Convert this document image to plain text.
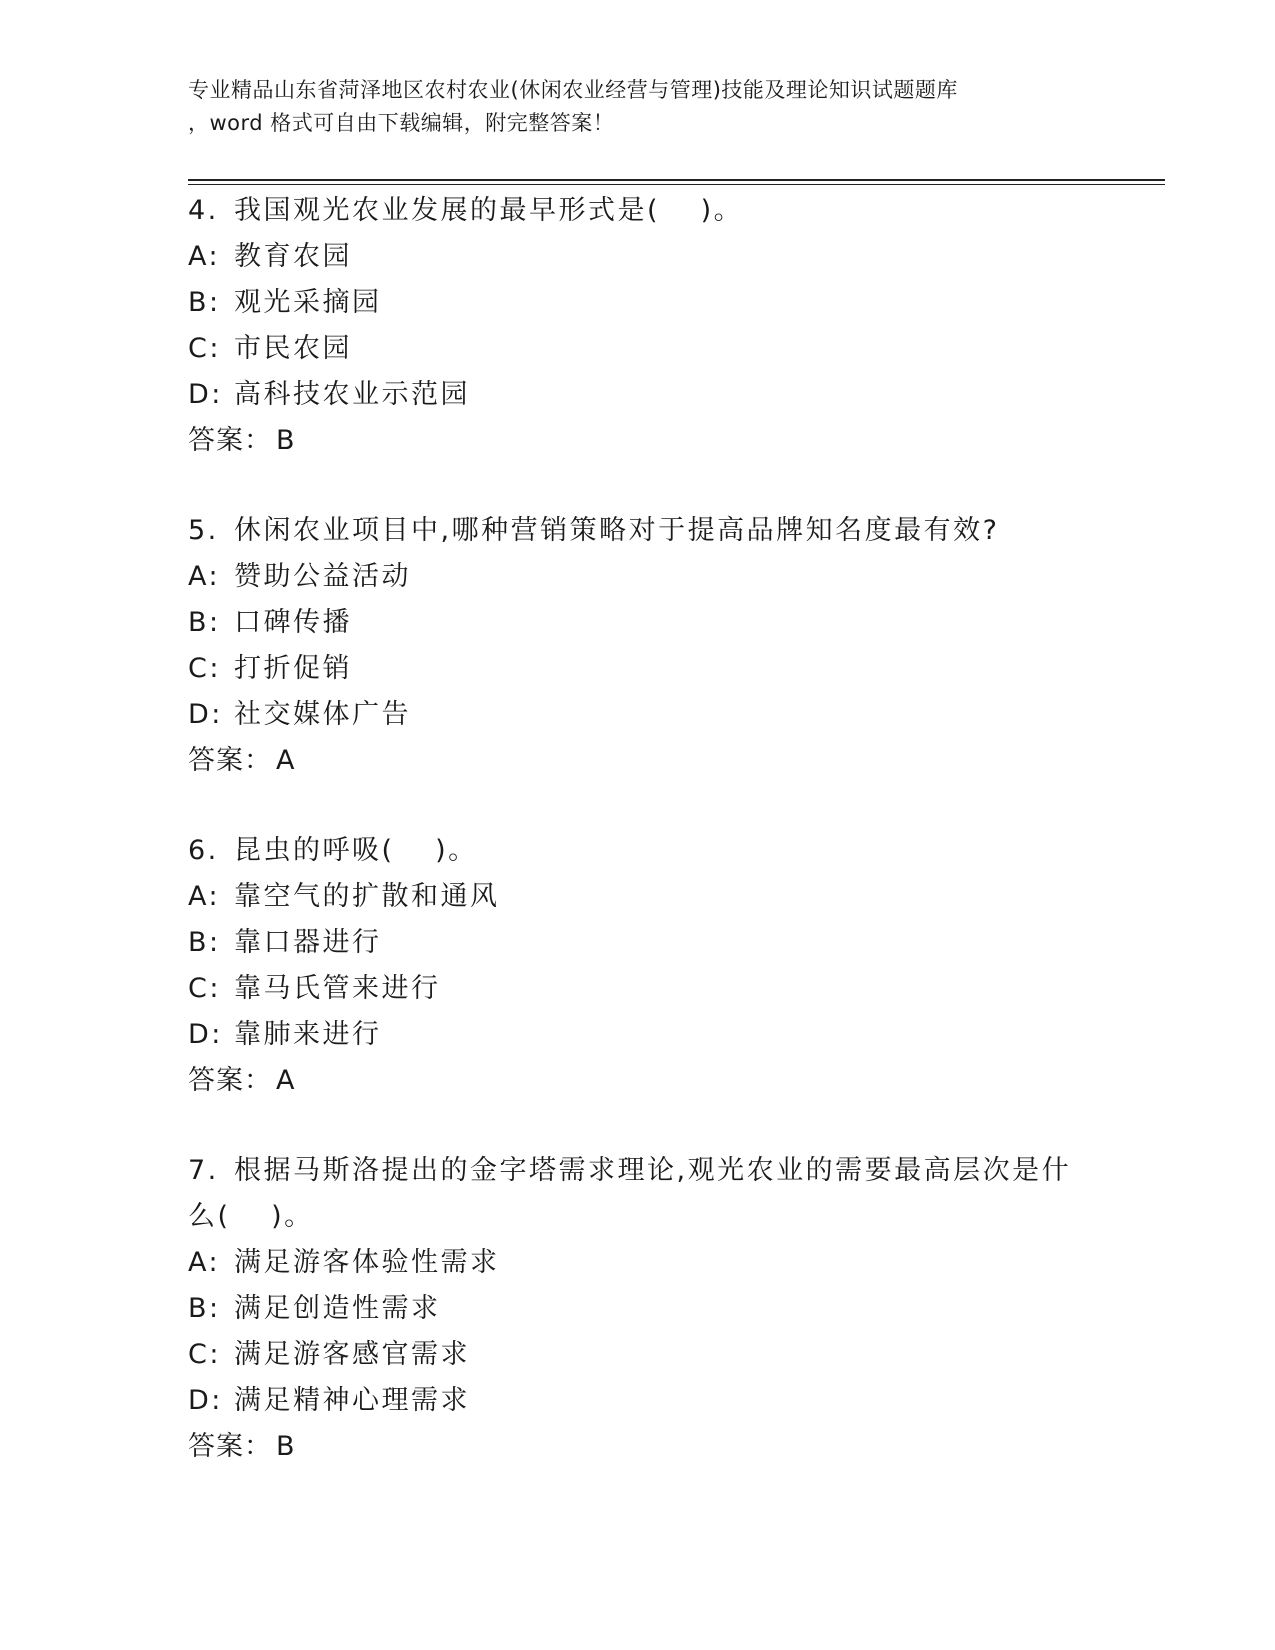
专业精品山东省菏泽地区农村农业(休闲农业经营与管理)技能及理论知识试题题库
，word 格式可自由下载编辑，附完整答案！
4. 我国观光农业发展的最早形式是(　 )。
A: 教育农园
B: 观光采摘园
C: 市民农园
D: 高科技农业示范园
答案： B
5. 休闲农业项目中,哪种营销策略对于提高品牌知名度最有效?
A: 赞助公益活动
B: 口碑传播
C: 打折促销
D: 社交媒体广告
答案： A
6. 昆虫的呼吸(　 )。
A: 靠空气的扩散和通风
B: 靠口器进行
C: 靠马氏管来进行
D: 靠肺来进行
答案： A
7. 根据马斯洛提出的金字塔需求理论,观光农业的需要最高层次是什
么(　 )。
A: 满足游客体验性需求
B: 满足创造性需求
C: 满足游客感官需求
D: 满足精神心理需求
答案： B
